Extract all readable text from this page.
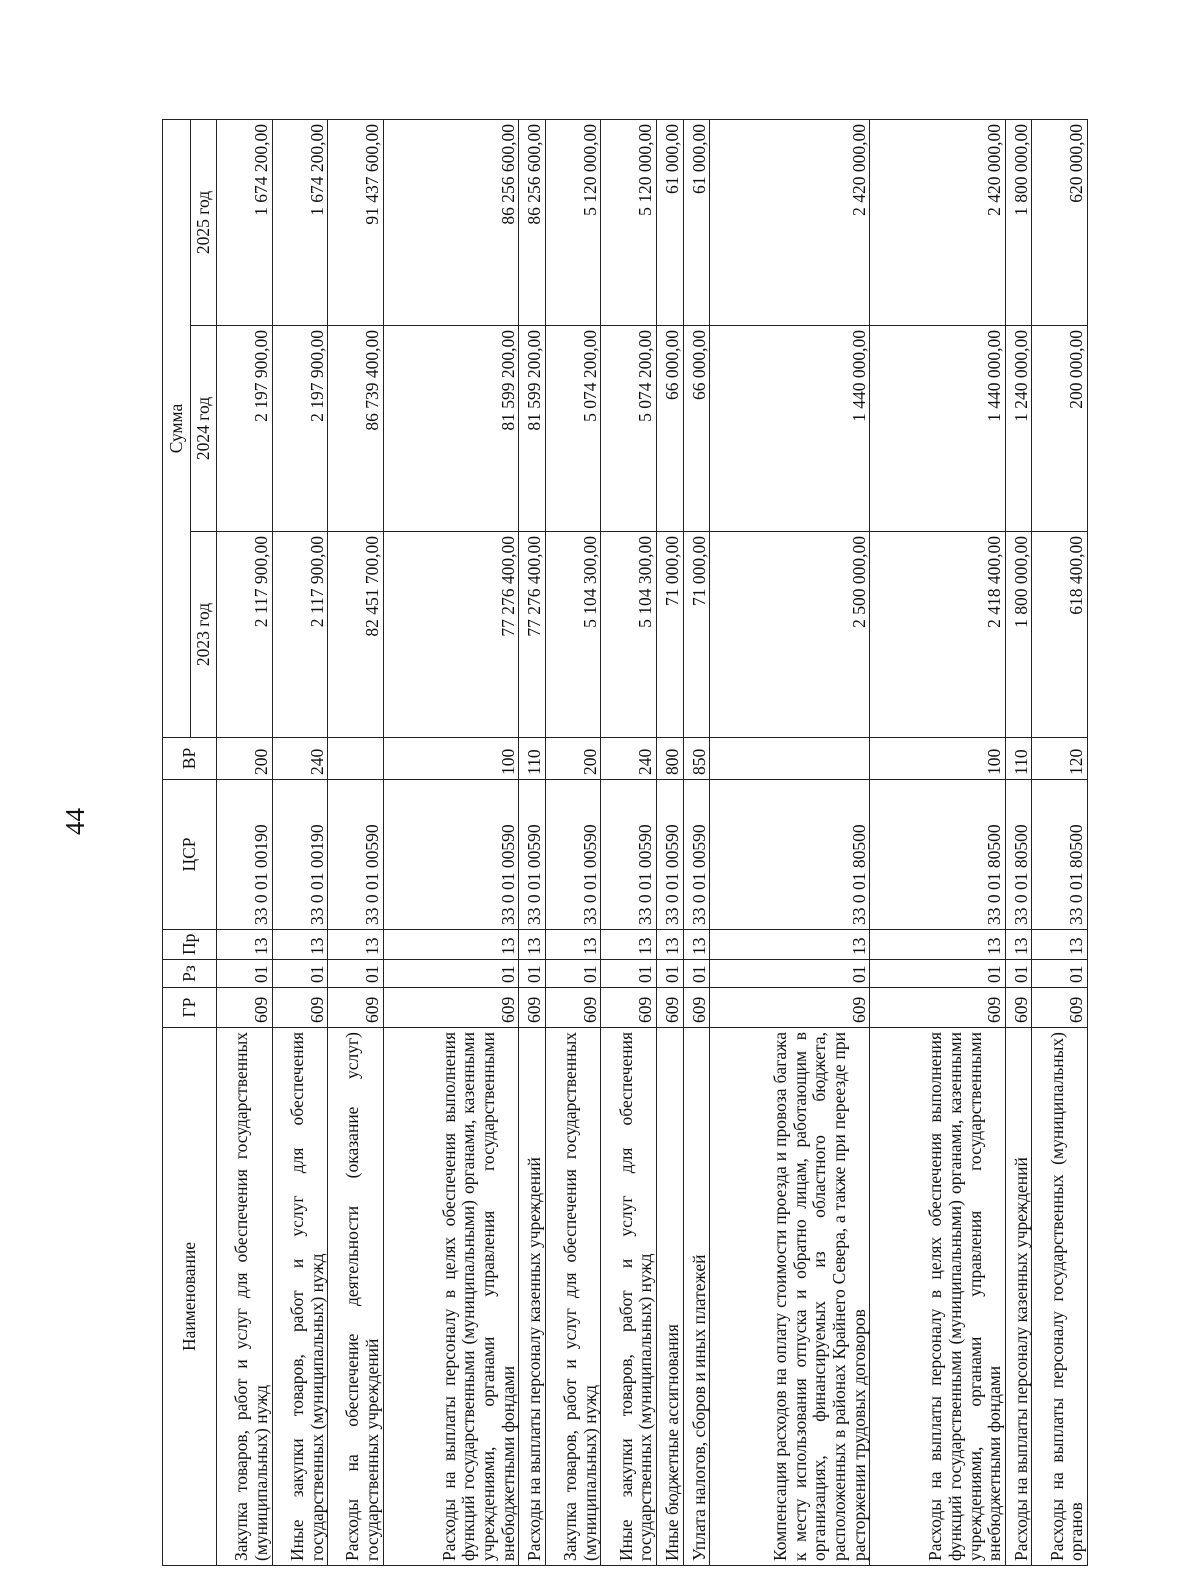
44
Наименование	ГР	Рз	Пр	ЦСР	ВР	Сумма		
						2023 год	2024 год	2025 год
Закупка товаров, работ и услуг для обеспечения государственных (муниципальных) нужд	609	01	13	33 0 01 00190	200	2 117 900,00	2 197 900,00	1 674 200,00
Иные закупки товаров, работ и услуг для обеспечения государственных (муниципальных) нужд	609	01	13	33 0 01 00190	240	2 117 900,00	2 197 900,00	1 674 200,00
Расходы на обеспечение деятельности (оказание услуг) государственных учреждений	609	01	13	33 0 01 00590		82 451 700,00	86 739 400,00	91 437 600,00
Расходы на выплаты персоналу в целях обеспечения выполнения функций государственными (муниципальными) органами, казенными учреждениями, органами управления государственными внебюджетными фондами	609	01	13	33 0 01 00590	100	77 276 400,00	81 599 200,00	86 256 600,00
Расходы на выплаты персоналу казенных учреждений	609	01	13	33 0 01 00590	110	77 276 400,00	81 599 200,00	86 256 600,00
Закупка товаров, работ и услуг для обеспечения государственных (муниципальных) нужд	609	01	13	33 0 01 00590	200	5 104 300,00	5 074 200,00	5 120 000,00
Иные закупки товаров, работ и услуг для обеспечения государственных (муниципальных) нужд	609	01	13	33 0 01 00590	240	5 104 300,00	5 074 200,00	5 120 000,00
Иные бюджетные ассигнования	609	01	13	33 0 01 00590	800	71 000,00	66 000,00	61 000,00
Уплата налогов, сборов и иных платежей	609	01	13	33 0 01 00590	850	71 000,00	66 000,00	61 000,00
Компенсация расходов на оплату стоимости проезда и провоза багажа к месту использования отпуска и обратно лицам, работающим в организациях, финансируемых из областного бюджета, расположенных в районах Крайнего Севера, а также при переезде при расторжении трудовых договоров	609	01	13	33 0 01 80500		2 500 000,00	1 440 000,00	2 420 000,00
Расходы на выплаты персоналу в целях обеспечения выполнения функций государственными (муниципальными) органами, казенными учреждениями, органами управления государственными внебюджетными фондами	609	01	13	33 0 01 80500	100	2 418 400,00	1 440 000,00	2 420 000,00
Расходы на выплаты персоналу казенных учреждений	609	01	13	33 0 01 80500	110	1 800 000,00	1 240 000,00	1 800 000,00
Расходы на выплаты персоналу государственных (муниципальных) органов	609	01	13	33 0 01 80500	120	618 400,00	200 000,00	620 000,00
